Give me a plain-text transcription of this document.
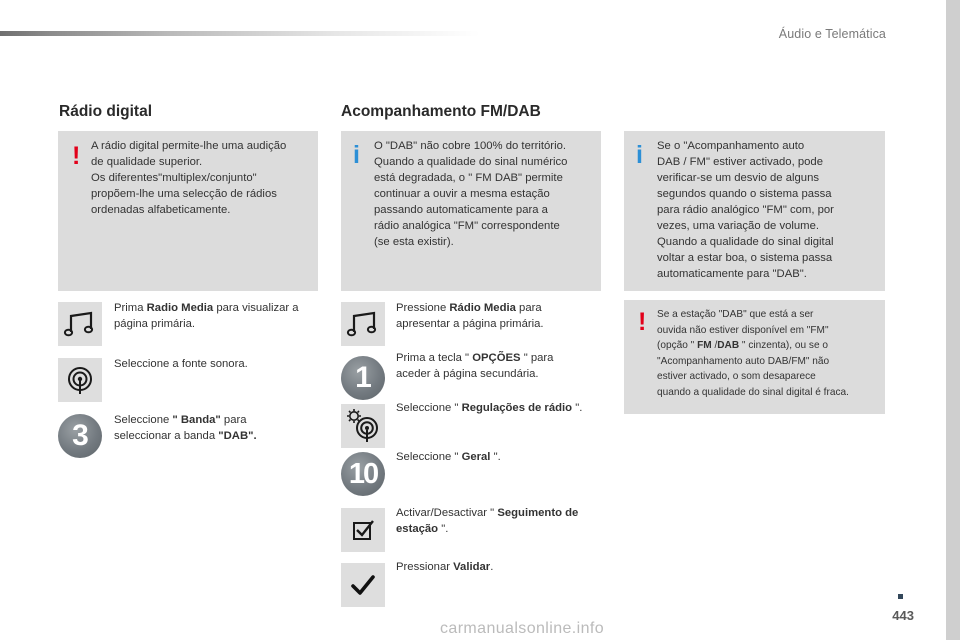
Áudio e Telemática
Rádio digital
! A rádio digital permite-lhe uma audição

de qualidade superior.

Os diferentes"multiplex/conjunto"

propõem-lhe uma selecção de rádios

ordenadas alfabeticamente.

Prima Radio Media para visualizar a
página primária.
Seleccione a fonte sonora.
3	Seleccione " Banda" para
seleccionar a banda "DAB".
Acompanhamento FM/DAB
i O "DAB" não cobre 100% do território.

Quando a qualidade do sinal numérico

está degradada, o " FM DAB" permite

continuar a ouvir a mesma estação

passando automaticamente para a

rádio analógica "FM" correspondente

(se esta existir).

Pressione Rádio Media para
apresentar a página primária.
1
Prima a tecla " OPÇÕES " para
aceder à página secundária.
Seleccione " Regulações de rádio ".
10
Seleccione " Geral ".
Activar/Desactivar " Seguimento de
estação ".
Pressionar Validar.
i Se o "Acompanhamento auto

DAB / FM" estiver activado, pode

verificar-se um desvio de alguns

segundos quando o sistema passa

para rádio analógico "FM" com, por

vezes, uma variação de volume.

Quando a qualidade do sinal digital

voltar a estar boa, o sistema passa

automaticamente para "DAB".

! Se a estação "DAB" que está a ser

ouvida não estiver disponível em "FM"

(opção " FM /DAB " cinzenta), ou se o

"Acompanhamento auto DAB/FM" não

estiver activado, o som desaparece

quando a qualidade do sinal digital é fraca.

443
carmanualsonline.info
